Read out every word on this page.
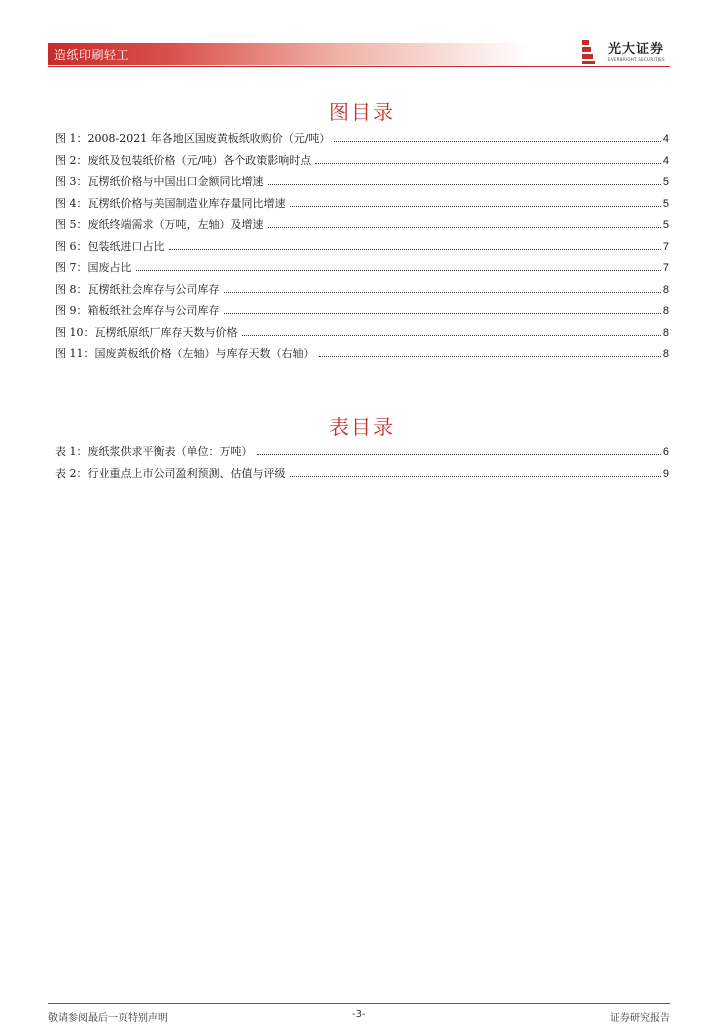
造纸印刷轻工	光大证券
EVERBRIGHT SECURITIES
图目录
图 1：2008-2021 年各地区国废黄板纸收购价（元/吨）	4
图 2：废纸及包装纸价格（元/吨）各个政策影响时点	4
图 3：瓦楞纸价格与中国出口金额同比增速	5
图 4：瓦楞纸价格与美国制造业库存量同比增速	5
图 5：废纸终端需求（万吨，左轴）及增速	5
图 6：包装纸进口占比	7
图 7：国废占比	7
图 8：瓦楞纸社会库存与公司库存	8
图 9：箱板纸社会库存与公司库存	8
图 10：瓦楞纸原纸厂库存天数与价格	8
图 11：国废黄板纸价格（左轴）与库存天数（右轴）	8
表目录
表 1：废纸浆供求平衡表（单位：万吨）	6
表 2：行业重点上市公司盈利预测、估值与评级	9
敬请参阅最后一页特别声明	-3-	证券研究报告
